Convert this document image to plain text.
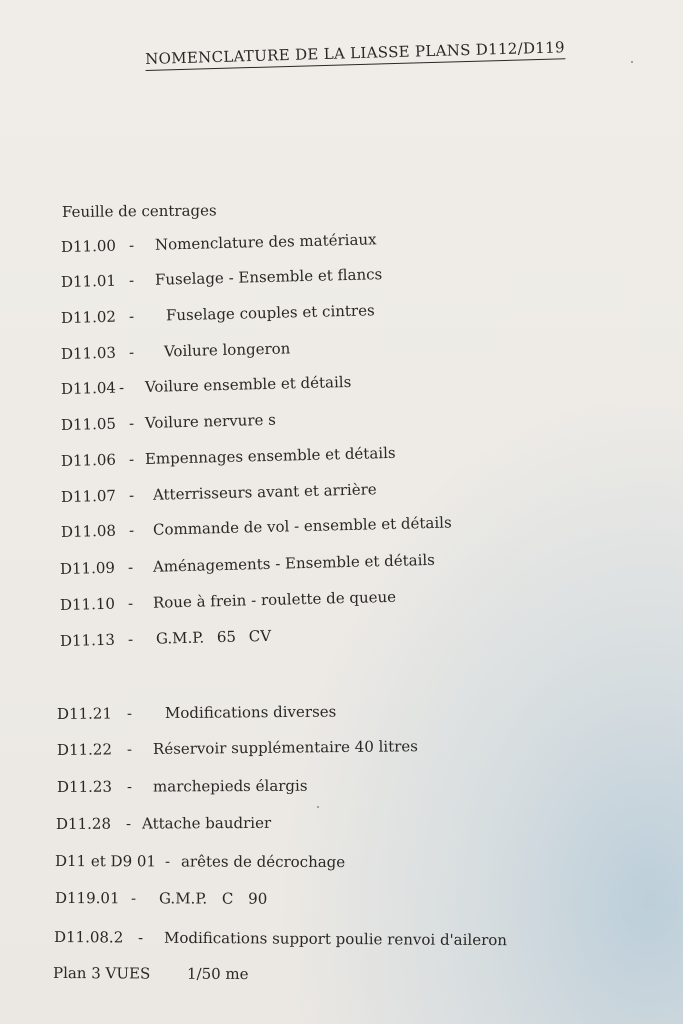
NOMENCLATURE DE LA LIASSE PLANS D112/D119
Feuille de centrages
D11.00 - Nomenclature des matériaux
D11.01 - Fuselage - Ensemble et flancs
D11.02 - Fuselage couples et cintres
D11.03 - Voilure longeron
D11.04 - Voilure ensemble et détails
D11.05 - Voilure nervure s
D11.06 - Empennages ensemble et détails
D11.07 - Atterrisseurs avant et arrière
D11.08 - Commande de vol - ensemble et détails
D11.09 - Aménagements - Ensemble et détails
D11.10 - Roue à frein - roulette de queue
D11.13 - G.M.P. 65 CV
D11.21 - Modifications diverses
D11.22 - Réservoir supplémentaire 40 litres
D11.23 - marchepieds élargis
D11.28 - Attache baudrier
D11 et D9 01 - arêtes de décrochage
D119.01 - G.M.P. C 90
D11.08.2 - Modifications support poulie renvoi d'aileron
Plan 3 VUES 1/50 me
